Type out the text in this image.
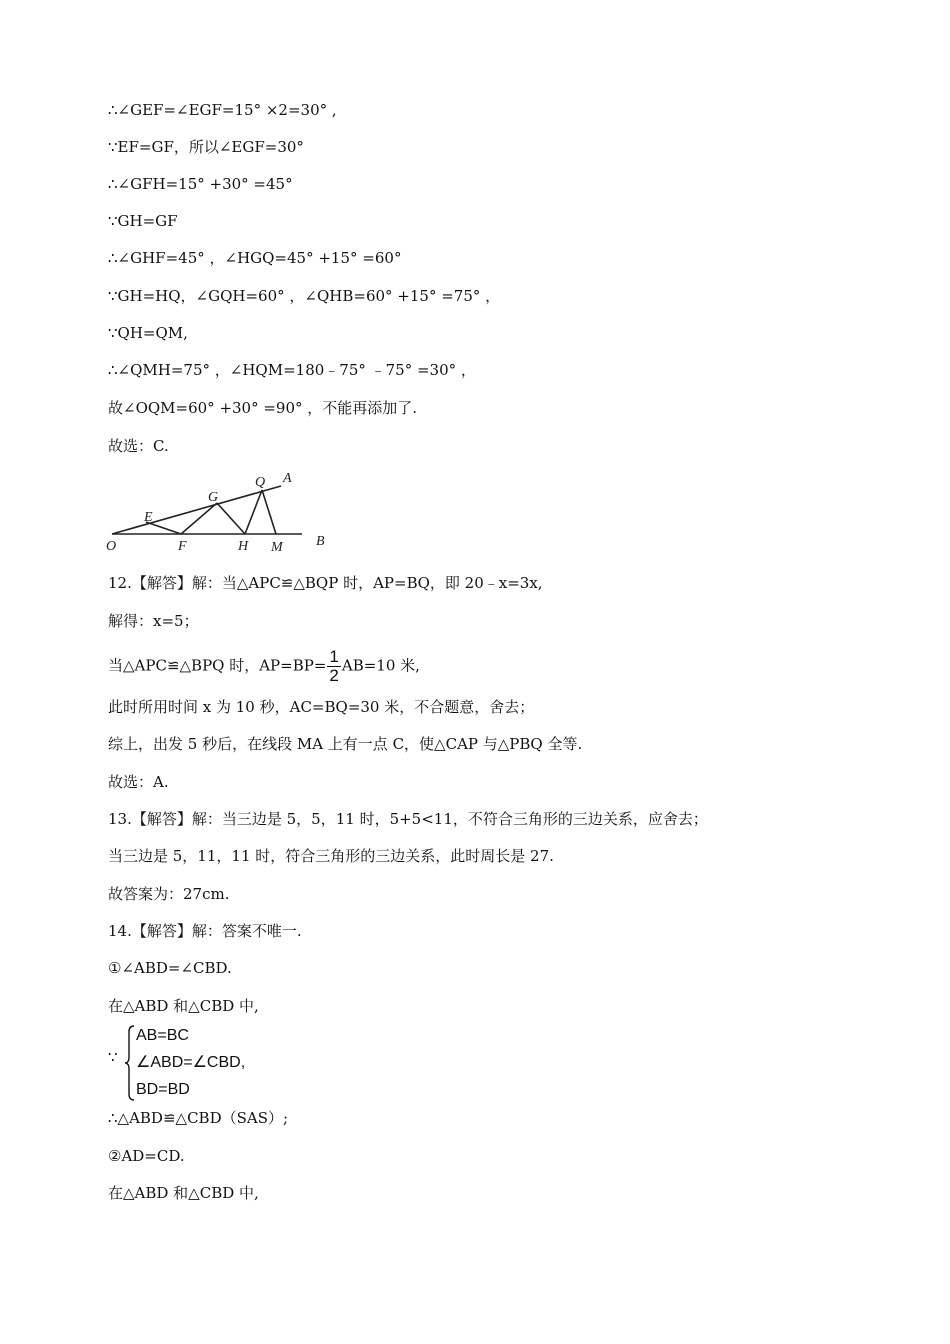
∴∠GEF=∠EGF=15° ×2=30° ,
∵EF=GF，所以∠EGF=30°
∴∠GFH=15° +30° =45°
∵GH=GF
∴∠GHF=45° ，∠HGQ=45° +15° =60°
∵GH=HQ，∠GQH=60° ，∠QHB=60° +15° =75° ，
∵QH=QM,
∴∠QMH=75° ，∠HQM=180﹣75° ﹣75° =30° ，
故∠OQM=60° +30° =90° ，不能再添加了.
故选：C.
O
E
F
G
H
Q A
M B
12.【解答】解：当△APC≌△BQP 时，AP=BQ，即 20﹣x=3x,
解得：x=5；
当△APC≌△BPQ 时，$AP=BP= \frac{1}{2} AB=10$ 米,
此时所用时间 x 为 10 秒，AC=BQ=30 米，不合题意，舍去；
综上，出发 5 秒后，在线段 MA 上有一点 C，使△CAP 与△PBQ 全等.
故选：A.
13.【解答】解：当三边是 5，5，11 时，5+5<11，不符合三角形的三边关系，应舍去；
当三边是 5，11，11 时，符合三角形的三边关系，此时周长是 27.
故答案为：27cm.
14.【解答】解：答案不唯一.
①∠ABD=∠CBD.
在△ABD 和△CBD 中,
∵
AB=BC
∠ABD=∠CBD,
BD=BD
∴△ABD≌△CBD（SAS）;
②AD=CD.
在△ABD 和△CBD 中,
